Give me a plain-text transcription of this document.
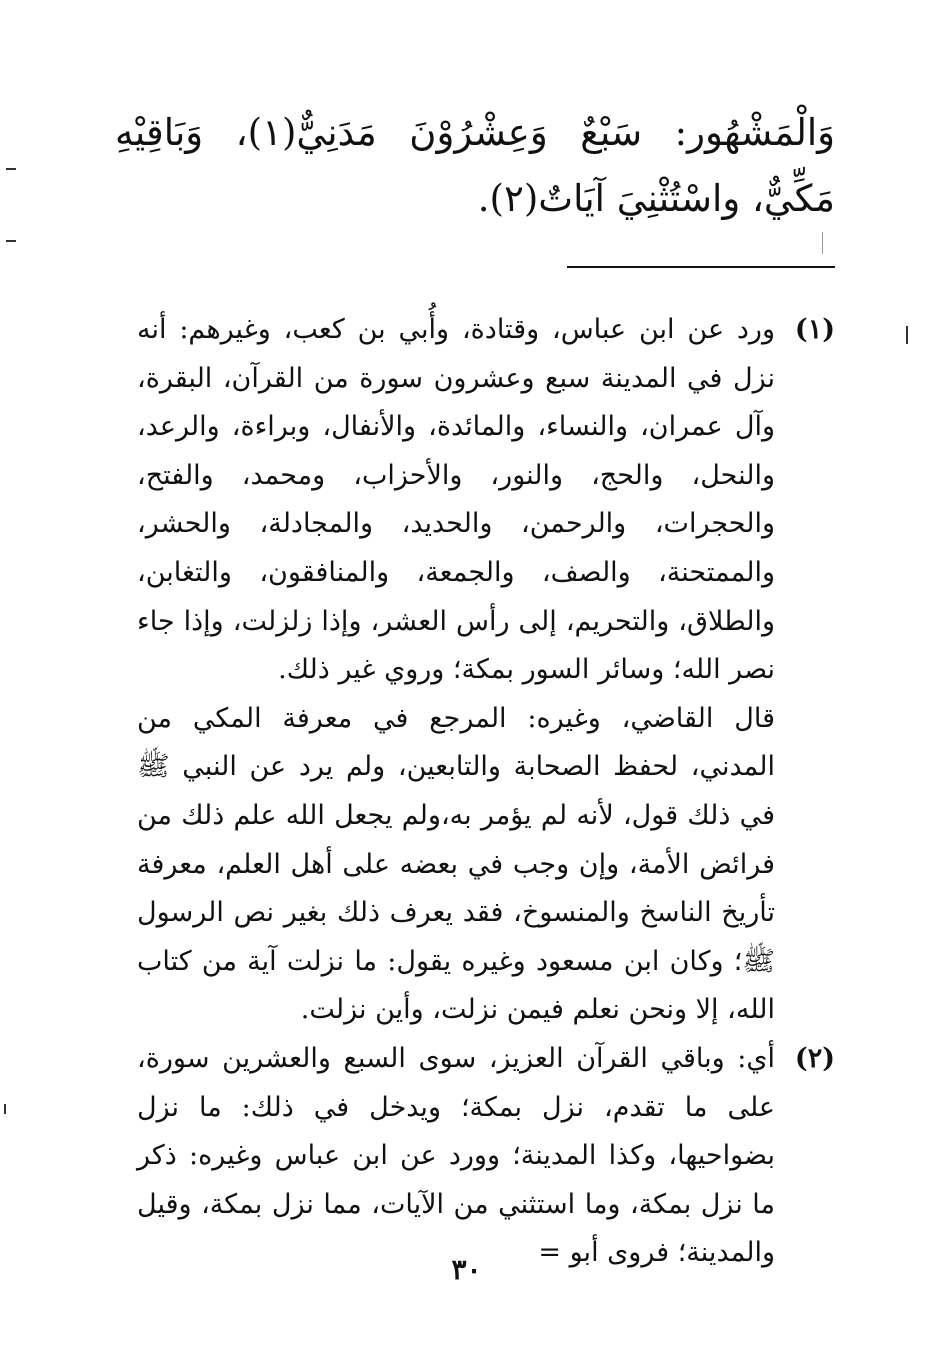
وَالْمَشْهُور: سَبْعٌ وَعِشْرُوْنَ مَدَنِيٌّ(١)، وَبَاقِيْهِ مَكِّيٌّ، واسْتُثْنِيَ آيَاتٌ(٢).

(١)

ورد عن ابن عباس، وقتادة، وأُبي بن كعب، وغيرهم: أنه نزل في المدينة سبع وعشرون سورة من القرآن، البقرة، وآل عمران، والنساء، والمائدة، والأنفال، وبراءة، والرعد، والنحل، والحج، والنور، والأحزاب، ومحمد، والفتح، والحجرات، والرحمن، والحديد، والمجادلة، والحشر، والممتحنة، والصف، والجمعة، والمنافقون، والتغابن، والطلاق، والتحريم، إلى رأس العشر، وإذا زلزلت، وإذا جاء نصر الله؛ وسائر السور بمكة؛ وروي غير ذلك.

قال القاضي، وغيره: المرجع في معرفة المكي من المدني، لحفظ الصحابة والتابعين، ولم يرد عن النبي ﷺ في ذلك قول، لأنه لم يؤمر به،ولم يجعل الله علم ذلك من فرائض الأمة، وإن وجب في بعضه على أهل العلم، معرفة تأريخ الناسخ والمنسوخ، فقد يعرف ذلك بغير نص الرسول ﷺ؛ وكان ابن مسعود وغيره يقول: ما نزلت آية من كتاب الله، إلا ونحن نعلم فيمن نزلت، وأين نزلت.

(٢)

أي: وباقي القرآن العزيز، سوى السبع والعشرين سورة، على ما تقدم، نزل بمكة؛ ويدخل في ذلك: ما نزل بضواحيها، وكذا المدينة؛ وورد عن ابن عباس وغيره: ذكر ما نزل بمكة، وما استثني من الآيات، مما نزل بمكة، وقيل والمدينة؛ فروى أبو =

٣٠
